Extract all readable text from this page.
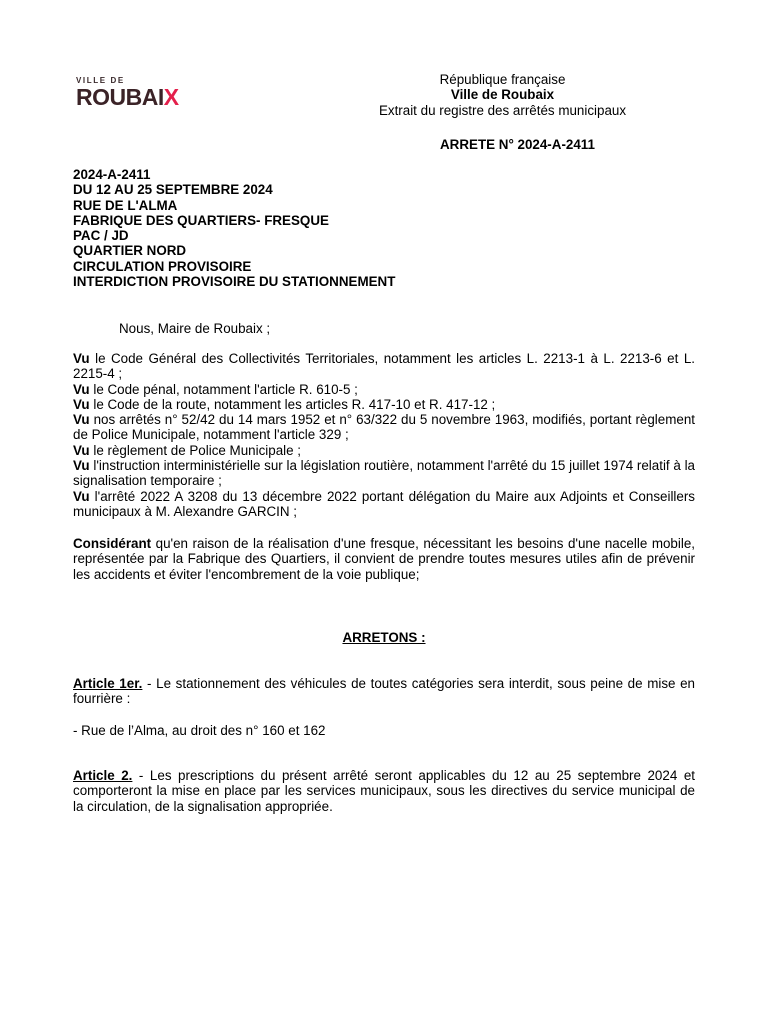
VILLE DE
ROUBAIX
République française
Ville de Roubaix
Extrait du registre des arrêtés municipaux
ARRETE N° 2024-A-2411
2024-A-2411
DU 12 AU 25 SEPTEMBRE 2024
RUE DE L'ALMA
FABRIQUE DES QUARTIERS- FRESQUE
PAC / JD
QUARTIER NORD
CIRCULATION PROVISOIRE
INTERDICTION PROVISOIRE DU STATIONNEMENT
Nous, Maire de Roubaix ;

Vu le Code Général des Collectivités Territoriales, notamment les articles L. 2213-1 à L. 2213-6 et L. 2215-4 ;

Vu le Code pénal, notamment l'article R. 610-5 ;

Vu le Code de la route, notamment les articles R. 417-10 et R. 417-12 ;

Vu nos arrêtés n° 52/42 du 14 mars 1952 et n° 63/322 du 5 novembre 1963, modifiés, portant règlement de Police Municipale, notamment l'article 329 ;

Vu le règlement de Police Municipale ;

Vu l'instruction interministérielle sur la législation routière, notamment l'arrêté du 15 juillet 1974 relatif à la signalisation temporaire ;

Vu l'arrêté 2022 A 3208 du 13 décembre 2022 portant délégation du Maire aux Adjoints et Conseillers municipaux à M. Alexandre GARCIN ;

Considérant qu'en raison de la réalisation d'une fresque, nécessitant les besoins d'une nacelle mobile, représentée par la Fabrique des Quartiers, il convient de prendre toutes mesures utiles afin de prévenir les accidents et éviter l'encombrement de la voie publique;
ARRETONS :
Article 1er. - Le stationnement des véhicules de toutes catégories sera interdit, sous peine de mise en fourrière :
- Rue de l’Alma, au droit des n° 160 et 162
Article 2. - Les prescriptions du présent arrêté seront applicables du 12 au 25 septembre 2024 et comporteront la mise en place par les services municipaux, sous les directives du service municipal de la circulation, de la signalisation appropriée.
